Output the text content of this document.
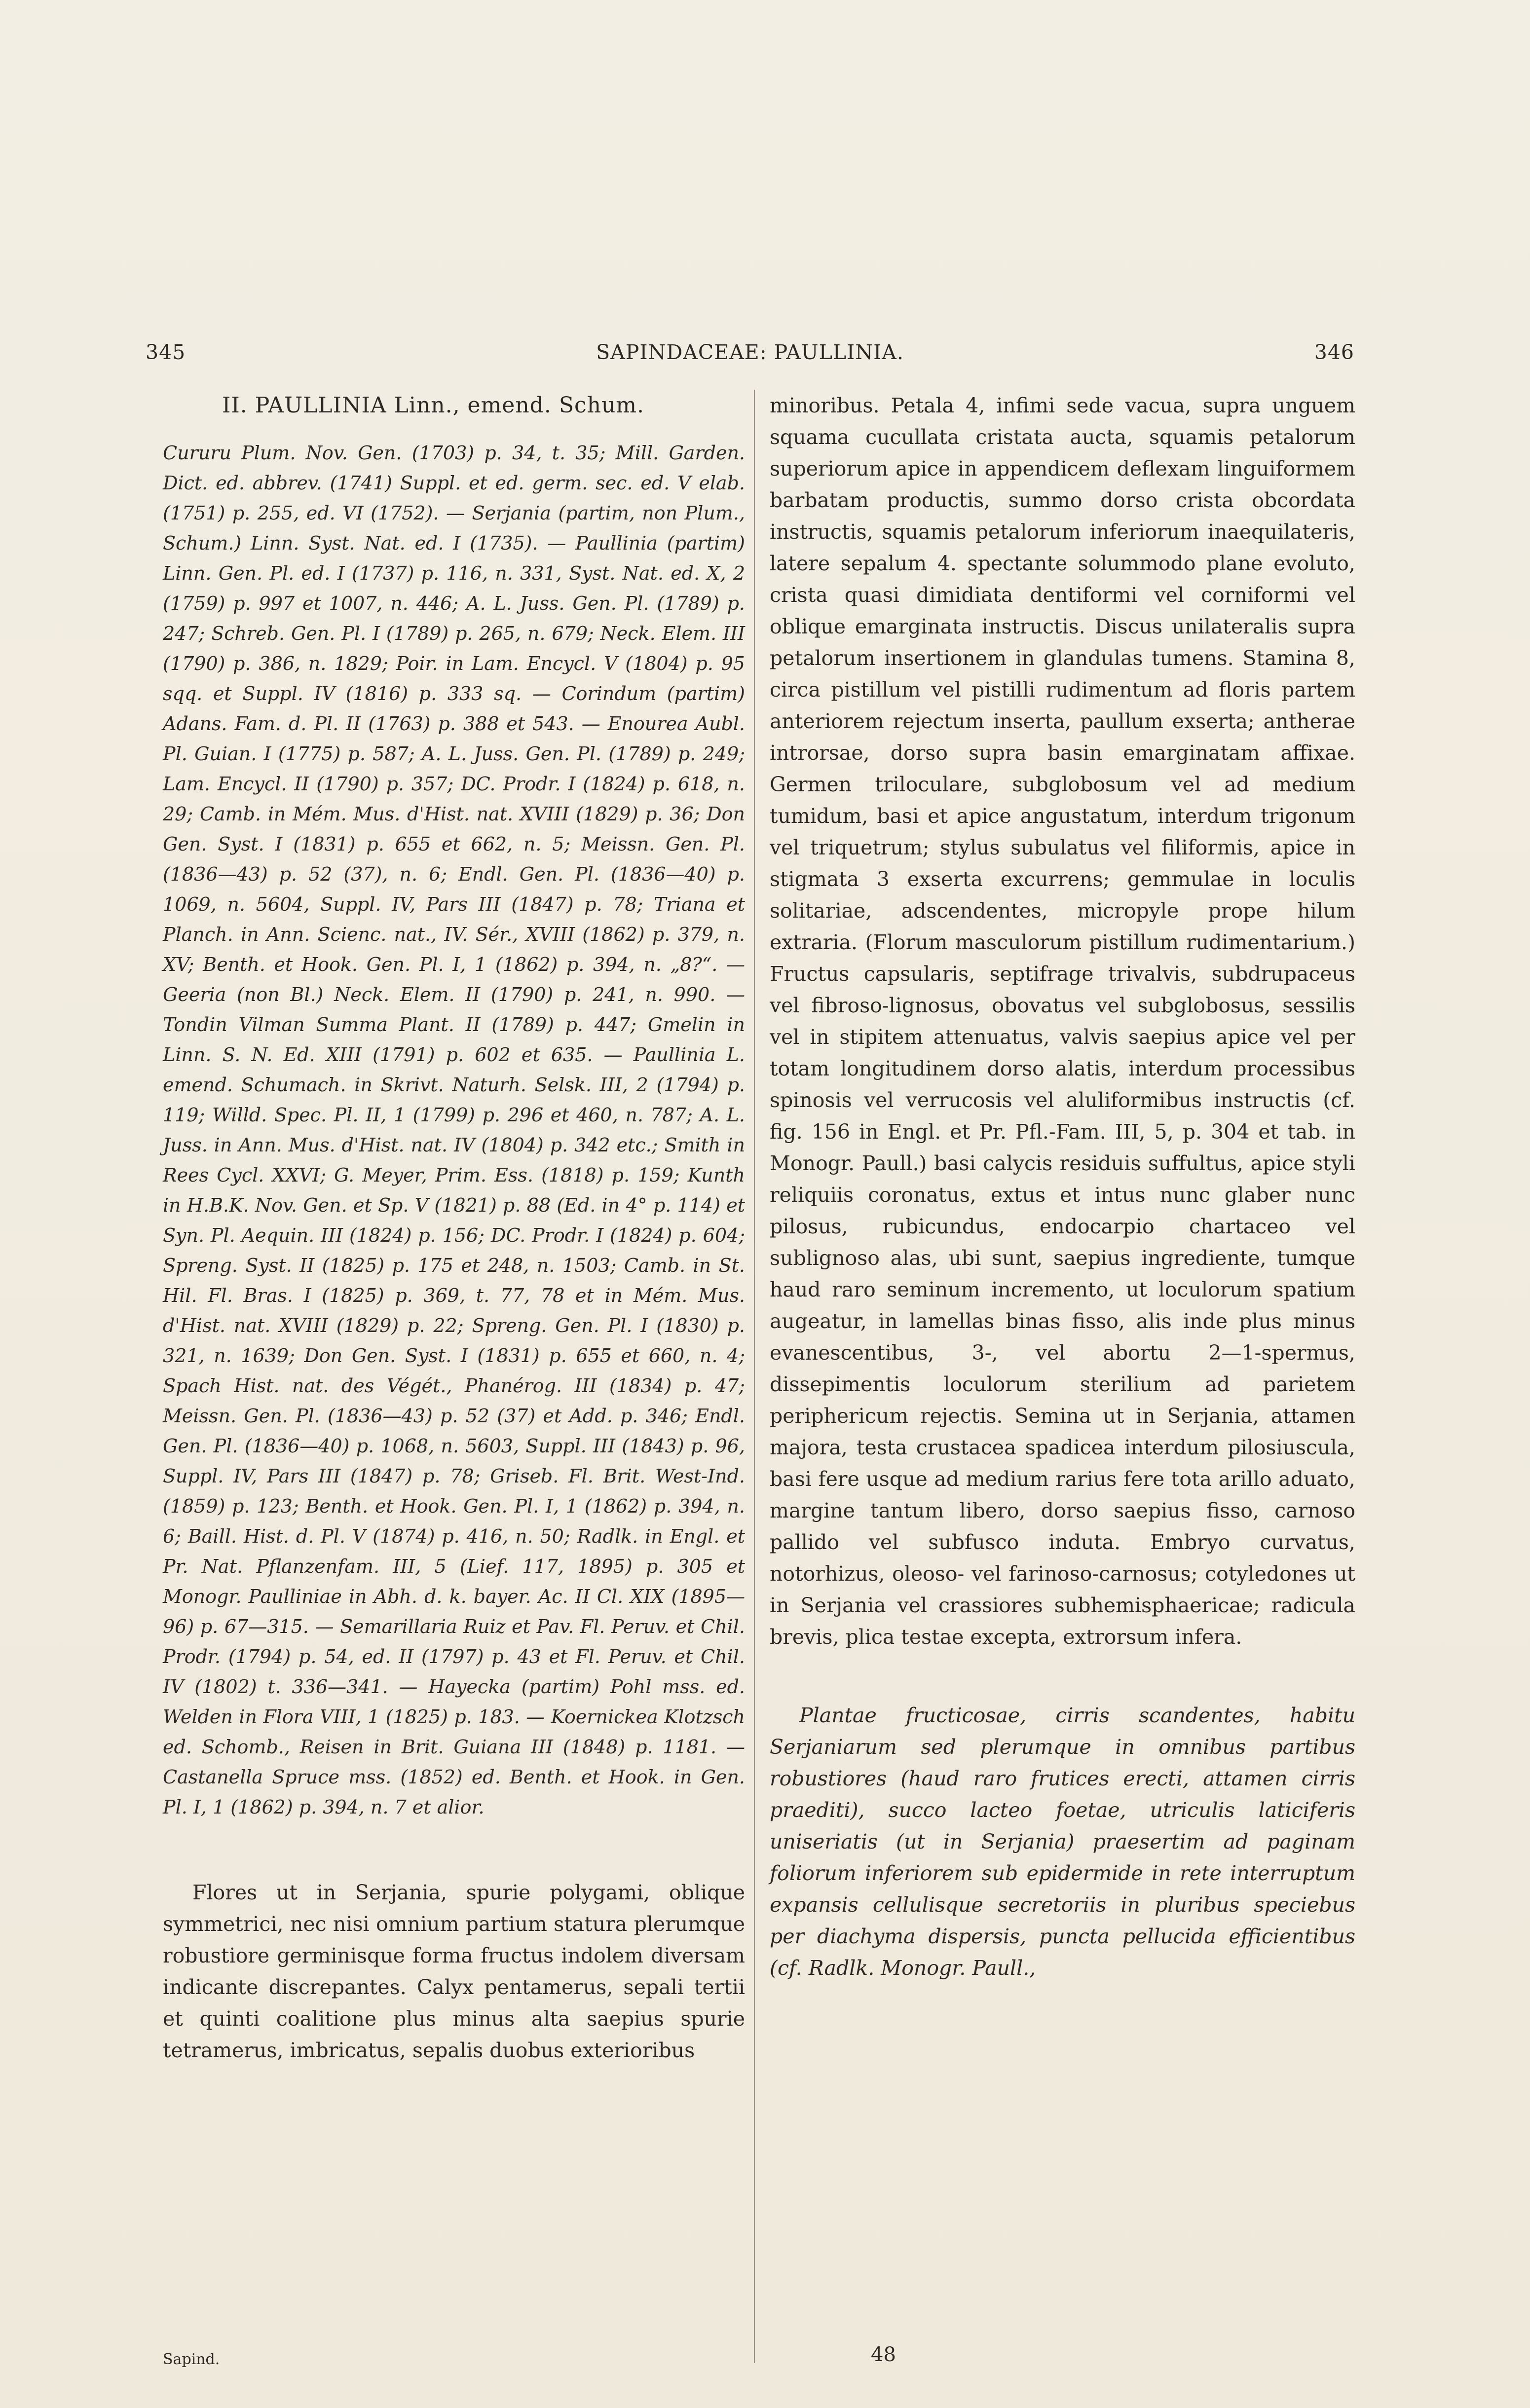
345	SAPINDACEAE: PAULLINIA.	346
II. PAULLINIA Linn., emend. Schum.
Cururu Plum. Nov. Gen. (1703) p. 34, t. 35; Mill. Garden. Dict. ed. abbrev. (1741) Suppl. et ed. germ. sec. ed. V elab. (1751) p. 255, ed. VI (1752). — Serjania (partim, non Plum., Schum.) Linn. Syst. Nat. ed. I (1735). — Paullinia (partim) Linn. Gen. Pl. ed. I (1737) p. 116, n. 331, Syst. Nat. ed. X, 2 (1759) p. 997 et 1007, n. 446; A. L. Juss. Gen. Pl. (1789) p. 247; Schreb. Gen. Pl. I (1789) p. 265, n. 679; Neck. Elem. III (1790) p. 386, n. 1829; Poir. in Lam. Encycl. V (1804) p. 95 sqq. et Suppl. IV (1816) p. 333 sq. — Corindum (partim) Adans. Fam. d. Pl. II (1763) p. 388 et 543. — Enourea Aubl. Pl. Guian. I (1775) p. 587; A. L. Juss. Gen. Pl. (1789) p. 249; Lam. Encycl. II (1790) p. 357; DC. Prodr. I (1824) p. 618, n. 29; Camb. in Mém. Mus. d'Hist. nat. XVIII (1829) p. 36; Don Gen. Syst. I (1831) p. 655 et 662, n. 5; Meissn. Gen. Pl. (1836—43) p. 52 (37), n. 6; Endl. Gen. Pl. (1836—40) p. 1069, n. 5604, Suppl. IV, Pars III (1847) p. 78; Triana et Planch. in Ann. Scienc. nat., IV. Sér., XVIII (1862) p. 379, n. XV; Benth. et Hook. Gen. Pl. I, 1 (1862) p. 394, n. „8?“. — Geeria (non Bl.) Neck. Elem. II (1790) p. 241, n. 990. — Tondin Vilman Summa Plant. II (1789) p. 447; Gmelin in Linn. S. N. Ed. XIII (1791) p. 602 et 635. — Paullinia L. emend. Schumach. in Skrivt. Naturh. Selsk. III, 2 (1794) p. 119; Willd. Spec. Pl. II, 1 (1799) p. 296 et 460, n. 787; A. L. Juss. in Ann. Mus. d'Hist. nat. IV (1804) p. 342 etc.; Smith in Rees Cycl. XXVI; G. Meyer, Prim. Ess. (1818) p. 159; Kunth in H.B.K. Nov. Gen. et Sp. V (1821) p. 88 (Ed. in 4° p. 114) et Syn. Pl. Aequin. III (1824) p. 156; DC. Prodr. I (1824) p. 604; Spreng. Syst. II (1825) p. 175 et 248, n. 1503; Camb. in St. Hil. Fl. Bras. I (1825) p. 369, t. 77, 78 et in Mém. Mus. d'Hist. nat. XVIII (1829) p. 22; Spreng. Gen. Pl. I (1830) p. 321, n. 1639; Don Gen. Syst. I (1831) p. 655 et 660, n. 4; Spach Hist. nat. des Végét., Phanérog. III (1834) p. 47; Meissn. Gen. Pl. (1836—43) p. 52 (37) et Add. p. 346; Endl. Gen. Pl. (1836—40) p. 1068, n. 5603, Suppl. III (1843) p. 96, Suppl. IV, Pars III (1847) p. 78; Griseb. Fl. Brit. West-Ind. (1859) p. 123; Benth. et Hook. Gen. Pl. I, 1 (1862) p. 394, n. 6; Baill. Hist. d. Pl. V (1874) p. 416, n. 50; Radlk. in Engl. et Pr. Nat. Pflanzenfam. III, 5 (Lief. 117, 1895) p. 305 et Monogr. Paulliniae in Abh. d. k. bayer. Ac. II Cl. XIX (1895—96) p. 67—315. — Semarillaria Ruiz et Pav. Fl. Peruv. et Chil. Prodr. (1794) p. 54, ed. II (1797) p. 43 et Fl. Peruv. et Chil. IV (1802) t. 336—341. — Hayecka (partim) Pohl mss. ed. Welden in Flora VIII, 1 (1825) p. 183. — Koernickea Klotzsch ed. Schomb., Reisen in Brit. Guiana III (1848) p. 1181. — Castanella Spruce mss. (1852) ed. Benth. et Hook. in Gen. Pl. I, 1 (1862) p. 394, n. 7 et alior.

Flores ut in Serjania, spurie polygami, oblique symmetrici, nec nisi omnium partium statura plerumque robustiore germinisque forma fructus indolem diversam indicante discrepantes. Calyx pentamerus, sepali tertii et quinti coalitione plus minus alta saepius spurie tetramerus, imbricatus, sepalis duobus exterioribus

minoribus. Petala 4, infimi sede vacua, supra unguem squama cucullata cristata aucta, squamis petalorum superiorum apice in appendicem deflexam linguiformem barbatam productis, summo dorso crista obcordata instructis, squamis petalorum inferiorum inaequilateris, latere sepalum 4. spectante solummodo plane evoluto, crista quasi dimidiata dentiformi vel corniformi vel oblique emarginata instructis. Discus unilateralis supra petalorum insertionem in glandulas tumens. Stamina 8, circa pistillum vel pistilli rudimentum ad floris partem anteriorem rejectum inserta, paullum exserta; antherae introrsae, dorso supra basin emarginatam affixae. Germen triloculare, subglobosum vel ad medium tumidum, basi et apice angustatum, interdum trigonum vel triquetrum; stylus subulatus vel filiformis, apice in stigmata 3 exserta excurrens; gemmulae in loculis solitariae, adscendentes, micropyle prope hilum extraria. (Florum masculorum pistillum rudimentarium.) Fructus capsularis, septifrage trivalvis, subdrupaceus vel fibroso-lignosus, obovatus vel subglobosus, sessilis vel in stipitem attenuatus, valvis saepius apice vel per totam longitudinem dorso alatis, interdum processibus spinosis vel verrucosis vel aluliformibus instructis (cf. fig. 156 in Engl. et Pr. Pfl.-Fam. III, 5, p. 304 et tab. in Monogr. Paull.) basi calycis residuis suffultus, apice styli reliquiis coronatus, extus et intus nunc glaber nunc pilosus, rubicundus, endocarpio chartaceo vel sublignoso alas, ubi sunt, saepius ingrediente, tumque haud raro seminum incremento, ut loculorum spatium augeatur, in lamellas binas fisso, alis inde plus minus evanescentibus, 3-, vel abortu 2—1-spermus, dissepimentis loculorum sterilium ad parietem periphericum rejectis. Semina ut in Serjania, attamen majora, testa crustacea spadicea interdum pilosiuscula, basi fere usque ad medium rarius fere tota arillo aduato, margine tantum libero, dorso saepius fisso, carnoso pallido vel subfusco induta. Embryo curvatus, notorhizus, oleoso- vel farinoso-carnosus; cotyledones ut in Serjania vel crassiores subhemisphaericae; radicula brevis, plica testae excepta, extrorsum infera.

Plantae fructicosae, cirris scandentes, habitu Serjaniarum sed plerumque in omnibus partibus robustiores (haud raro frutices erecti, attamen cirris praediti), succo lacteo foetae, utriculis laticiferis uniseriatis (ut in Serjania) praesertim ad paginam foliorum inferiorem sub epidermide in rete interruptum expansis cellulisque secretoriis in pluribus speciebus per diachyma dispersis, puncta pellucida efficientibus (cf. Radlk. Monogr. Paull.,

Sapind.	48
